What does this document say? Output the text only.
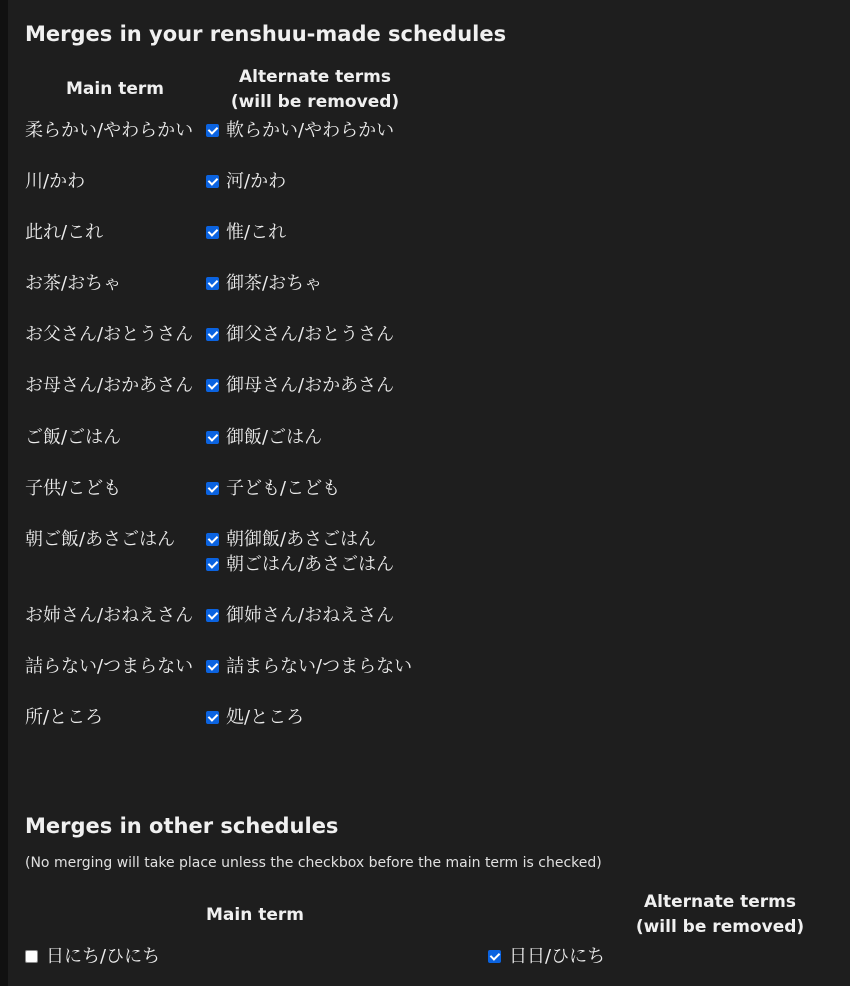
Merges in your renshuu-made schedules
Main term
Alternate terms
(will be removed)
柔らかい/やわらかい 軟らかい/やわらかい
川/かわ	河/かわ
此れ/これ	惟/これ
お茶/おちゃ	御茶/おちゃ
お父さん/おとうさん 御父さん/おとうさん
お母さん/おかあさん 御母さん/おかあさん
ご飯/ごはん	御飯/ごはん
子供/こども	子ども/こども
朝ご飯/あさごはん	朝御飯/あさごはん
朝ごはん/あさごはん
お姉さん/おねえさん 御姉さん/おねえさん
詰らない/つまらない 詰まらない/つまらない
所/ところ	処/ところ
Merges in other schedules
(No merging will take place unless the checkbox before the main term is checked)
Main term
Alternate terms
(will be removed)
日にち/ひにち	日日/ひにち
